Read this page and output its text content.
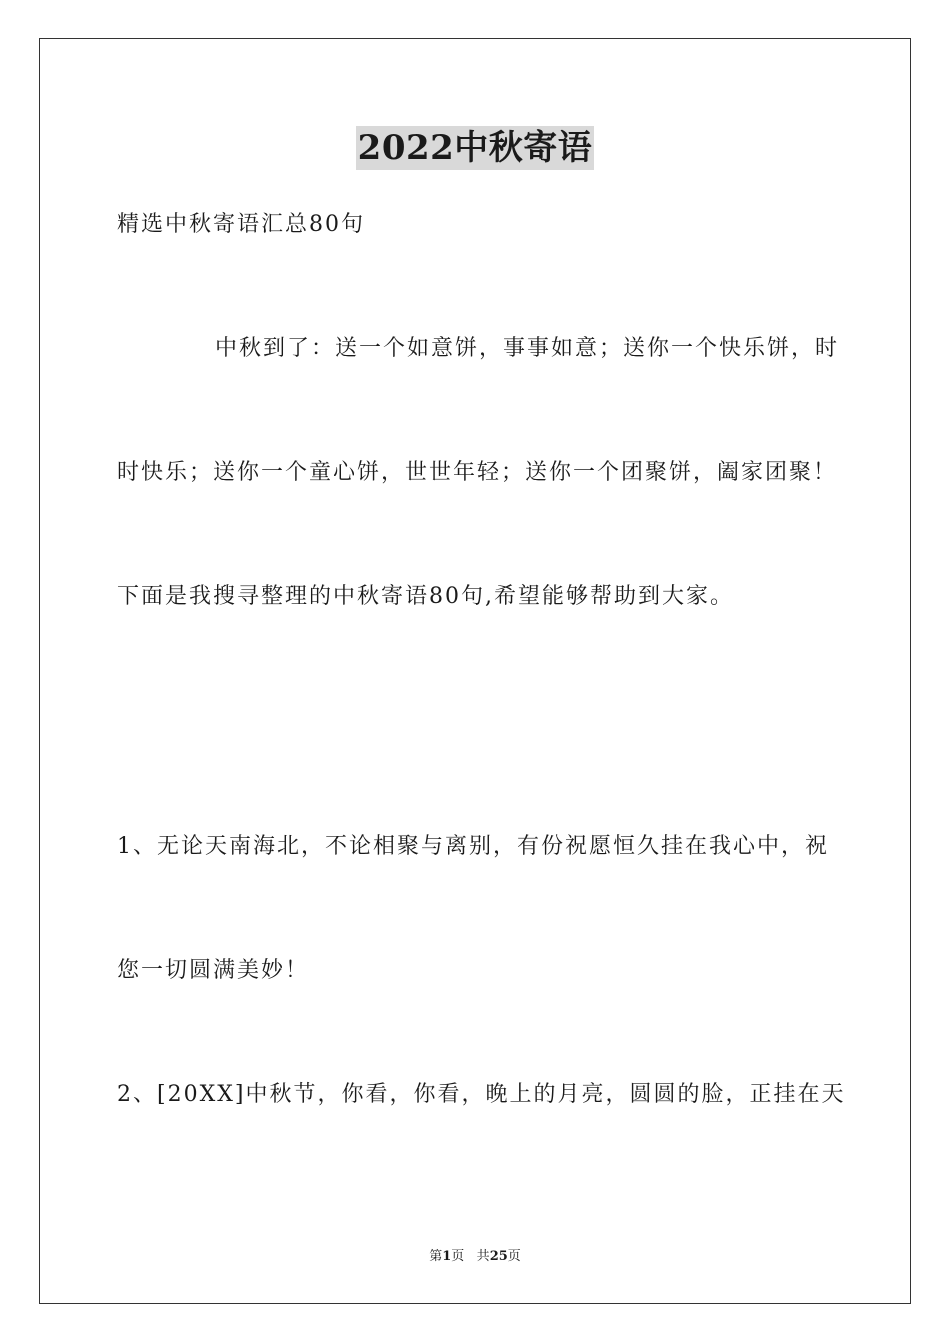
2022中秋寄语
精选中秋寄语汇总80句
中秋到了：送一个如意饼，事事如意；送你一个快乐饼，时
时快乐；送你一个童心饼，世世年轻；送你一个团聚饼，阖家团聚！
下面是我搜寻整理的中秋寄语80句,希望能够帮助到大家。
1、无论天南海北，不论相聚与离别，有份祝愿恒久挂在我心中，祝
您一切圆满美妙！
2、[20XX]中秋节，你看，你看，晚上的月亮，圆圆的脸，正挂在天
第1页 共25页
